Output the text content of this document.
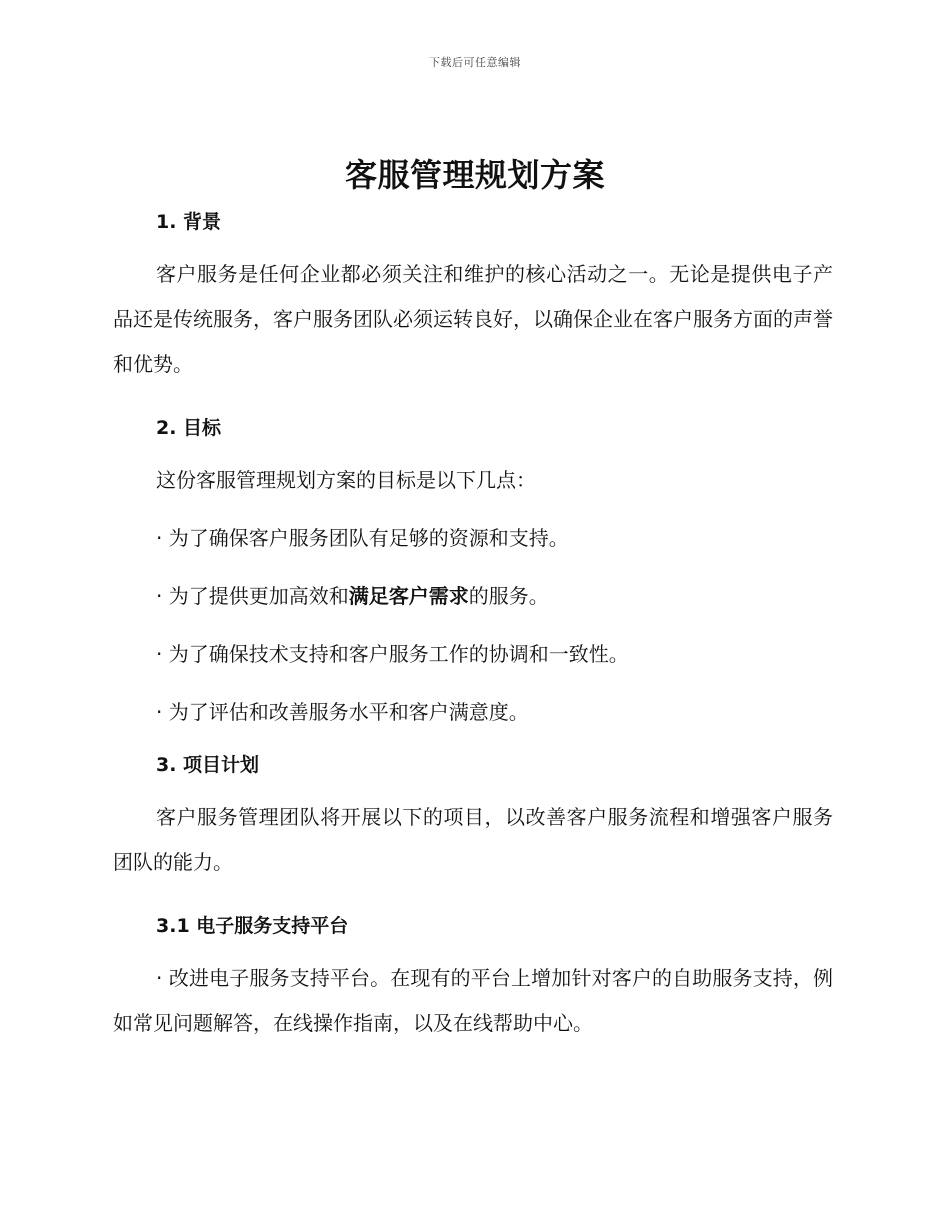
下载后可任意编辑
客服管理规划方案
1. 背景

客户服务是任何企业都必须关注和维护的核心活动之一。无论是提供电子产品还是传统服务，客户服务团队必须运转良好，以确保企业在客户服务方面的声誉和优势。

2. 目标

这份客服管理规划方案的目标是以下几点：

· 为了确保客户服务团队有足够的资源和支持。

· 为了提供更加高效和满足客户需求的服务。

· 为了确保技术支持和客户服务工作的协调和一致性。

· 为了评估和改善服务水平和客户满意度。

3. 项目计划

客户服务管理团队将开展以下的项目，以改善客户服务流程和增强客户服务团队的能力。

3.1 电子服务支持平台

· 改进电子服务支持平台。在现有的平台上增加针对客户的自助服务支持，例如常见问题解答，在线操作指南，以及在线帮助中心。
